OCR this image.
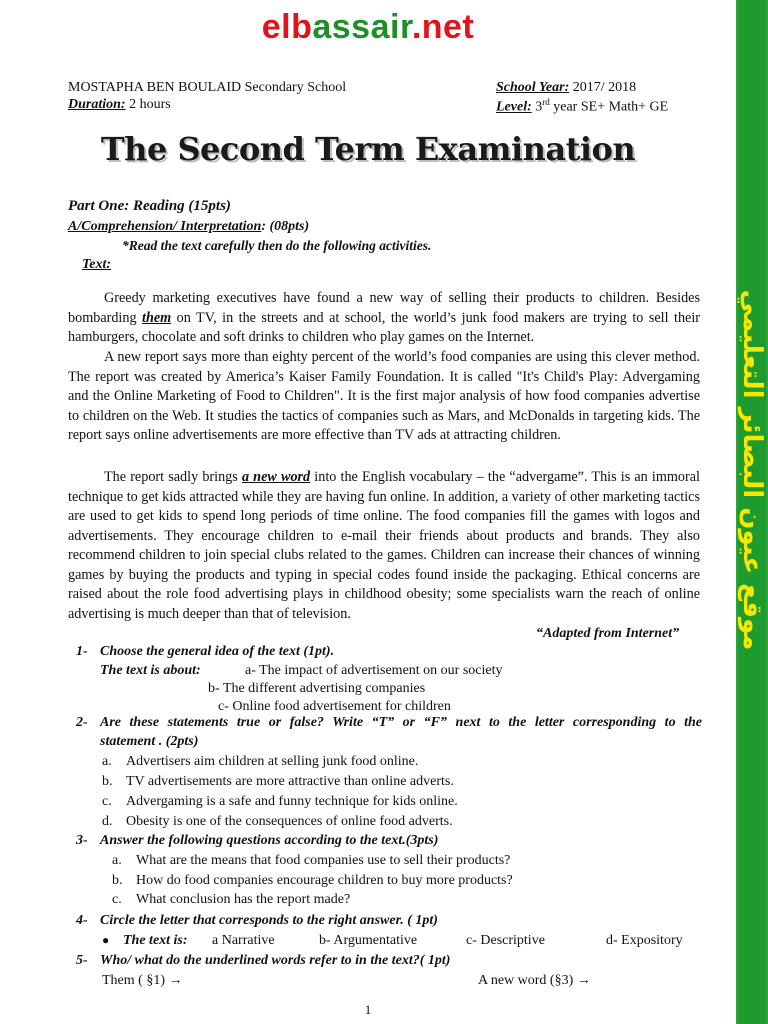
elbassair.net
MOSTAPHA BEN BOULAID Secondary School
Duration: 2 hours
School Year: 2017/ 2018
Level: 3rd year SE+ Math+ GE
The Second Term Examination
Part One: Reading (15pts)
A/Comprehension/ Interpretation: (08pts)
*Read the text carefully then do the following activities.
Text:
Greedy marketing executives have found a new way of selling their products to children. Besides bombarding them on TV, in the streets and at school, the world’s junk food makers are trying to sell their hamburgers, chocolate and soft drinks to children who play games on the Internet.
A new report says more than eighty percent of the world’s food companies are using this clever method. The report was created by America’s Kaiser Family Foundation. It is called "It's Child's Play: Advergaming and the Online Marketing of Food to Children". It is the first major analysis of how food companies advertise to children on the Web. It studies the tactics of companies such as Mars, and McDonalds in targeting kids. The report says online advertisements are more effective than TV ads at attracting children.
The report sadly brings a new word into the English vocabulary – the “advergame”. This is an immoral technique to get kids attracted while they are having fun online. In addition, a variety of other marketing tactics are used to get kids to spend long periods of time online. The food companies fill the games with logos and advertisements. They encourage children to e-mail their friends about products and brands. They also recommend children to join special clubs related to the games. Children can increase their chances of winning games by buying the products and typing in special codes found inside the packaging. Ethical concerns are raised about the role food advertising plays in childhood obesity; some specialists warn the reach of online advertising is much deeper than that of television.
“Adapted from Internet”
1- Choose the general idea of the text (1pt).
The text is about:	a- The impact of advertisement on our society
b- The different advertising companies
c- Online food advertisement for children
2- Are these statements true or false? Write “T” or “F” next to the letter corresponding to the
statement . (2pts)
a. Advertisers aim children at selling junk food online.
b. TV advertisements are more attractive than online adverts.
c. Advergaming is a safe and funny technique for kids online.
d. Obesity is one of the consequences of online food adverts.
3- Answer the following questions according to the text.(3pts)
a. What are the means that food companies use to sell their products?
b. How do food companies encourage children to buy more products?
c. What conclusion has the report made?
4- Circle the letter that corresponds to the right answer. ( 1pt)
● The text is: a Narrative	b- Argumentative	c- Descriptive	d- Expository
5- Who/ what do the underlined words refer to in the text?( 1pt)
Them ( §1) →	A new word (§3) →
1
موقع عيون البصائر التعليمي
